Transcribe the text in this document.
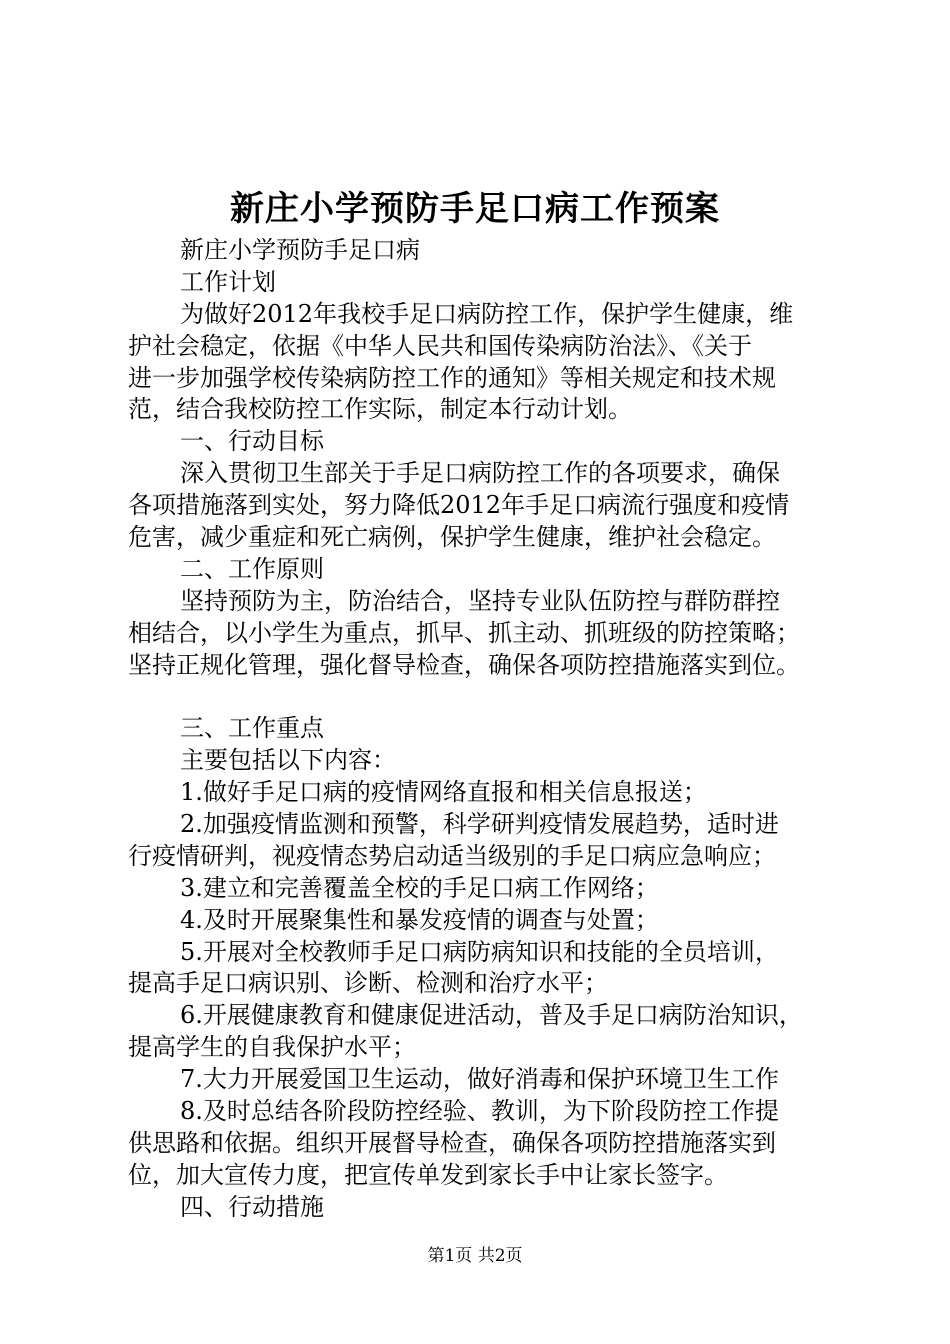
新庄小学预防手足口病工作预案
新庄小学预防手足口病
工作计划
为做好2012年我校手足口病防控工作，保护学生健康，维
护社会稳定，依据《中华人民共和国传染病防治法》、《关于
进一步加强学校传染病防控工作的通知》等相关规定和技术规
范，结合我校防控工作实际，制定本行动计划。
一、行动目标
深入贯彻卫生部关于手足口病防控工作的各项要求，确保
各项措施落到实处，努力降低2012年手足口病流行强度和疫情
危害，减少重症和死亡病例，保护学生健康，维护社会稳定。
二、工作原则
坚持预防为主，防治结合，坚持专业队伍防控与群防群控
相结合，以小学生为重点，抓早、抓主动、抓班级的防控策略；
坚持正规化管理，强化督导检查，确保各项防控措施落实到位。
三、工作重点
主要包括以下内容：
1.做好手足口病的疫情网络直报和相关信息报送；
2.加强疫情监测和预警，科学研判疫情发展趋势，适时进
行疫情研判，视疫情态势启动适当级别的手足口病应急响应；
3.建立和完善覆盖全校的手足口病工作网络；
4.及时开展聚集性和暴发疫情的调查与处置；
5.开展对全校教师手足口病防病知识和技能的全员培训，
提高手足口病识别、诊断、检测和治疗水平；
6.开展健康教育和健康促进活动，普及手足口病防治知识，
提高学生的自我保护水平；
7.大力开展爱国卫生运动，做好消毒和保护环境卫生工作
8.及时总结各阶段防控经验、教训，为下阶段防控工作提
供思路和依据。组织开展督导检查，确保各项防控措施落实到
位，加大宣传力度，把宣传单发到家长手中让家长签字。
四、行动措施
第1页 共2页
